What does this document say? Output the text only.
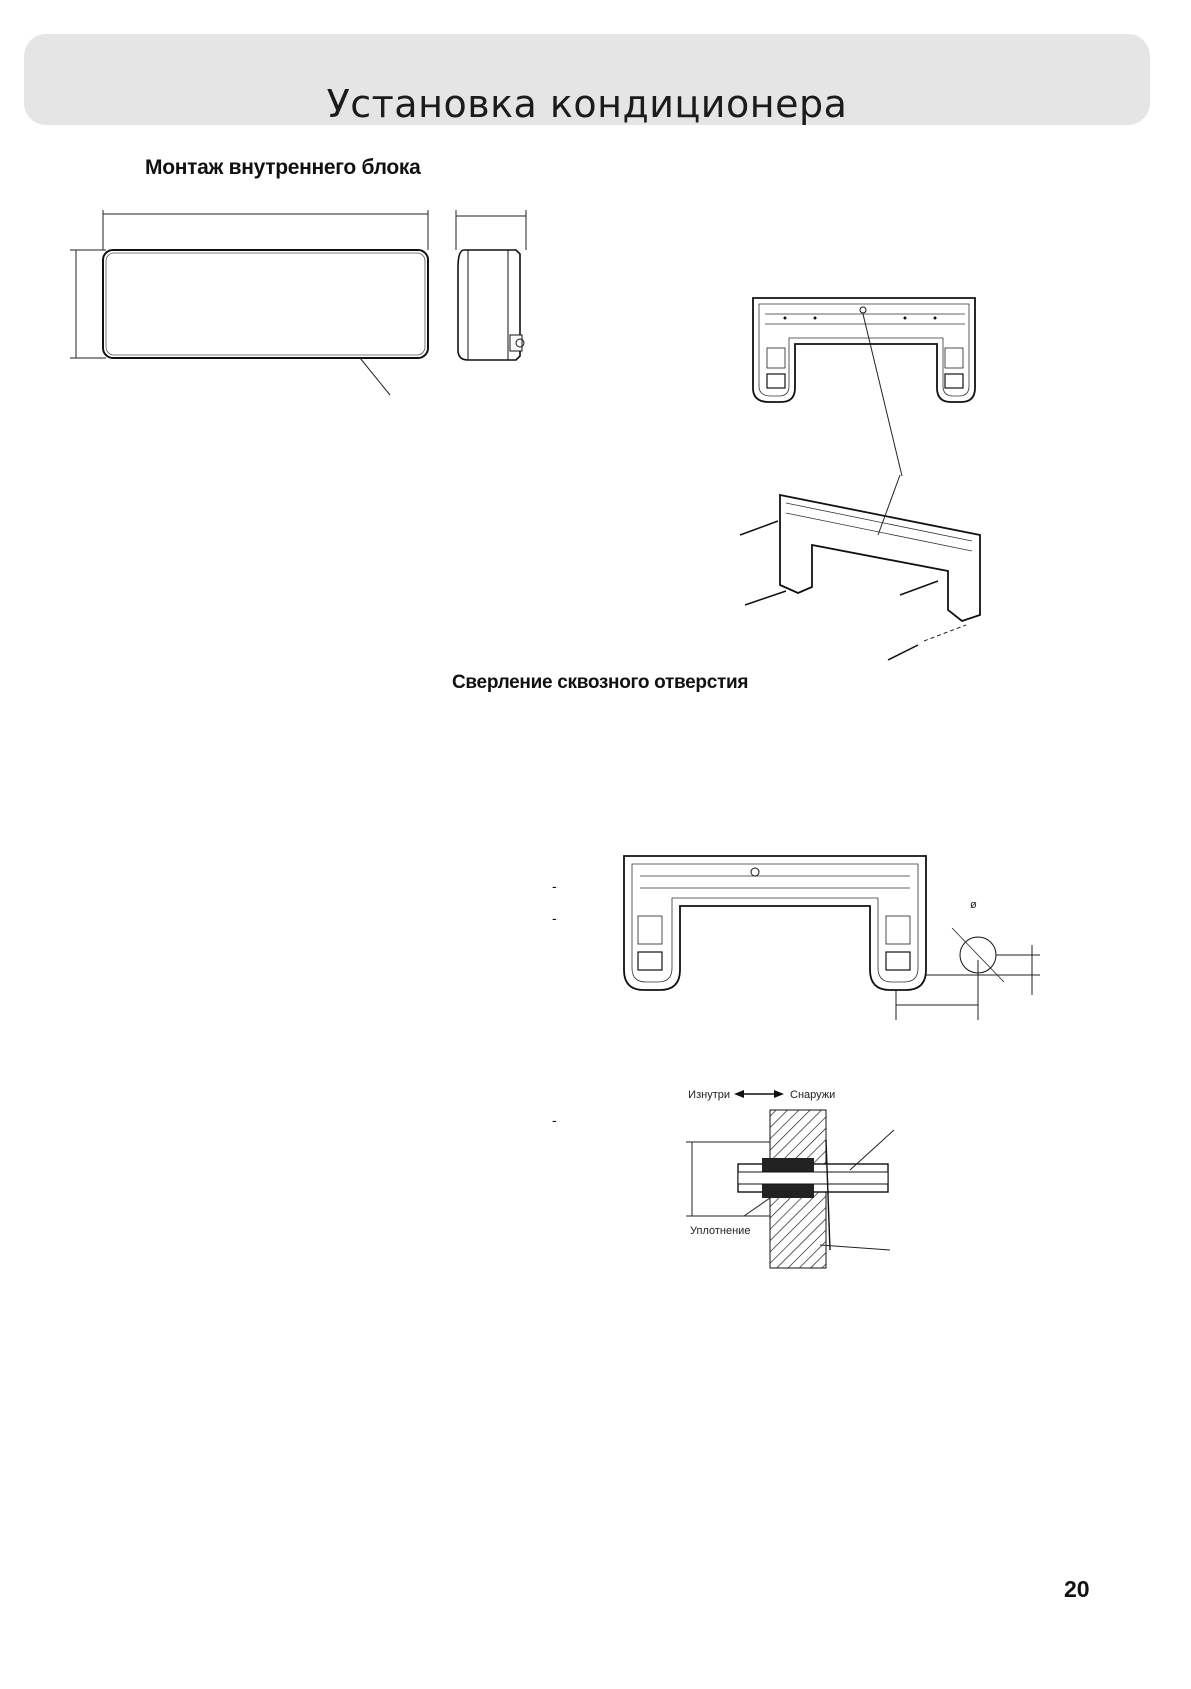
Установка кондиционера
Монтаж внутреннего блока
Сверление сквозного отверстия
ø
-
-
-
Изнутри	Снаружи
Уплотнение
20
